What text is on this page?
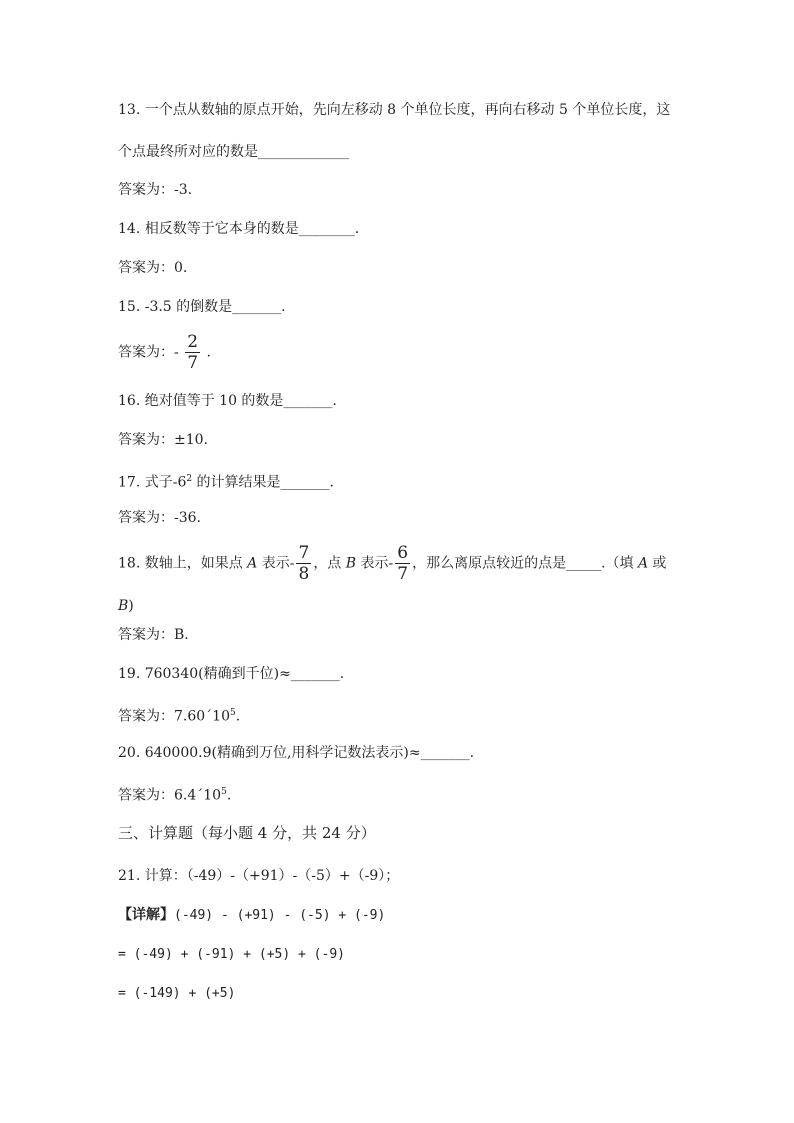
13. 一个点从数轴的原点开始，先向左移动 8 个单位长度，再向右移动 5 个单位长度，这
个点最终所对应的数是_____________
答案为：-3.
14. 相反数等于它本身的数是________.
答案为：0.
15. -3.5 的倒数是_______.
答案为：- $\frac{2}{7}$ .
16. 绝对值等于 10 的数是_______.
答案为：±10.
17. 式子$-6^2$ 的计算结果是_______.
答案为：-36.
18. 数轴上，如果点 A 表示- $\frac{7}{8}$ ，点 B 表示- $\frac{6}{7}$ ，那么离原点较近的点是_____.（填 A 或
B)
答案为：B.
19. 760340(精确到千位)≈_______.
答案为：$7.60´10^5$.
20. 640000.9(精确到万位,用科学记数法表示)≈_______.
答案为：$6.4´10^5$.
三、计算题（每小题 4 分，共 24 分）
21. 计算：（-49）-（+91）-（-5）+（-9）；
【详解】(-49) - (+91) - (-5) + (-9)
= (-49) + (-91) + (+5) + (-9)
= (-149) + (+5)
